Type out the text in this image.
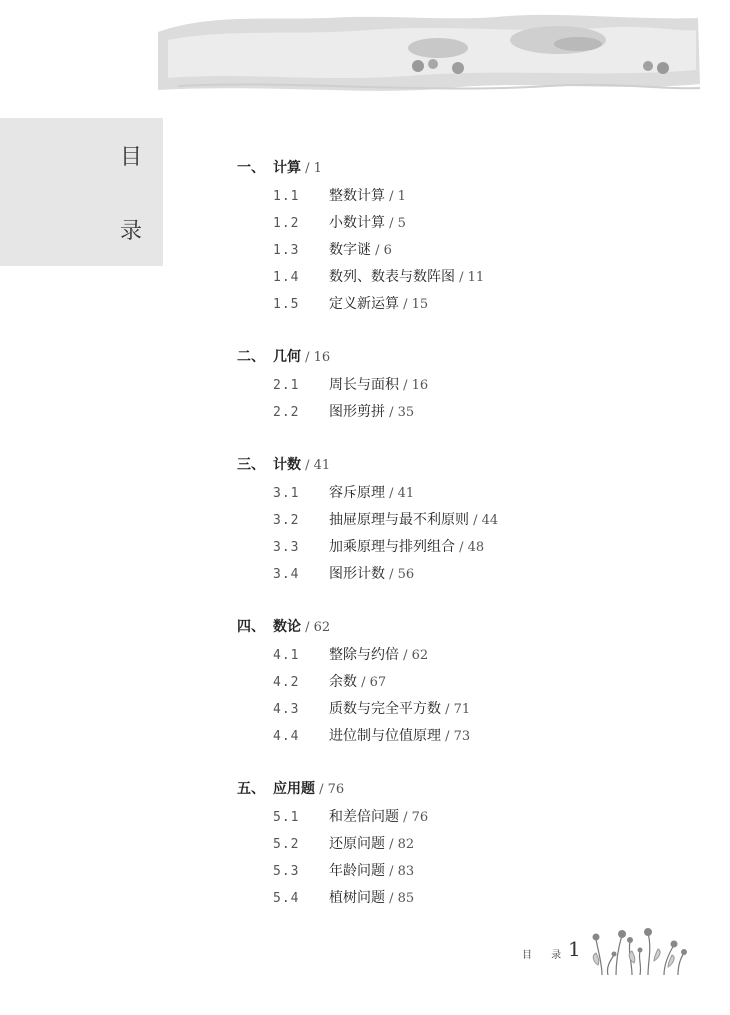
目
录
一、 计算 / 1
1.1 整数计算 / 1
1.2 小数计算 / 5
1.3 数字谜 / 6
1.4 数列、数表与数阵图 / 11
1.5 定义新运算 / 15
二、 几何 / 16
2.1 周长与面积 / 16
2.2 图形剪拼 / 35
三、 计数 / 41
3.1 容斥原理 / 41
3.2 抽屉原理与最不利原则 / 44
3.3 加乘原理与排列组合 / 48
3.4 图形计数 / 56
四、 数论 / 62
4.1 整除与约倍 / 62
4.2 余数 / 67
4.3 质数与完全平方数 / 71
4.4 进位制与位值原理 / 73
五、 应用题 / 76
5.1 和差倍问题 / 76
5.2 还原问题 / 82
5.3 年龄问题 / 83
5.4 植树问题 / 85
目 录
1
